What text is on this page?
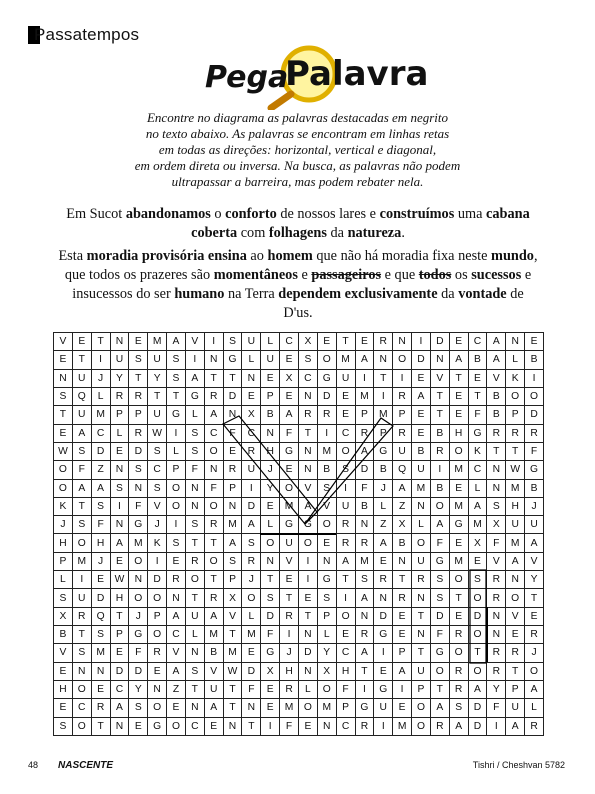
Passatempos
Pega
Palavra
Encontre no diagrama as palavras destacadas em negrito
no texto abaixo. As palavras se encontram em linhas retas
em todas as direções: horizontal, vertical e diagonal,
em ordem direta ou inversa. Na busca, as palavras não podem
ultrapassar a barreira, mas podem rebater nela.
Em Sucot abandonamos o conforto de nossos lares e construímos uma cabana coberta com folhagens da natureza.
Esta moradia provisória ensina ao homem que não há moradia fixa neste mundo, que todos os prazeres são momentâneos e passageiros e que todos os sucessos e insucessos do ser humano na Terra dependem exclusivamente da vontade de D'us.
V	E	T	N	E	M	A	V	I	S	U	L	C	X	E	T	E	R	N	I	D	E	C	A	N	E
E	T	I	U	S	U	S	I	N	G	L	U	E	S	O	M	A	N	O	D	N	A	B	A	L	B
N	U	J	Y	T	Y	S	A	T	T	N	E	X	C	G	U	I	T	I	E	V	T	E	V	K	I
S	Q	L	R	R	T	T	G	R	D	E	P	E	N	D	E	M	I	R	A	T	E	T	B	O	O
T	U	M	P	P	U	G	L	A	N	X	B	A	R	R	E	P	M	P	E	T	E	F	B	P	D
E	A	C	L	R	W	I	S	C	F	C	N	F	T	I	C	R	P	R	E	B	H	G	R	R	R
W	S	D	E	D	S	L	S	O	E	R	H	G	N	M	O	A	G	U	B	R	O	K	T	T	F
O	F	Z	N	S	C	P	F	N	R	U	J	E	N	B	S	D	B	Q	U	I	M	C	N	W	G
O	A	A	S	N	S	O	N	F	P	I	Y	O	V	S	I	F	J	A	M	B	E	L	N	M	B
K	T	S	I	F	V	O	N	O	N	D	E	M	A	V	U	B	L	Z	N	O	M	A	S	H	J
J	S	F	N	G	J	I	S	R	M	A	L	G	G	O	R	N	Z	X	L	A	G	M	X	U	U
H	O	H	A	M	K	S	T	T	A	S	O	U	O	E	R	R	A	B	O	F	E	X	F	M	A
P	M	J	E	O	I	E	R	O	S	R	N	V	I	N	A	M	E	N	U	G	M	E	V	A	V
L	I	E	W	N	D	R	O	T	P	J	T	E	I	G	T	S	R	T	R	S	O	S	R	N	Y
S	U	D	H	O	O	N	T	R	X	O	S	T	E	S	I	A	N	R	N	S	T	O	R	O	T
X	R	Q	T	J	P	A	U	A	V	L	D	R	T	P	O	N	D	E	T	D	E	D	N	V	E
B	T	S	P	G	O	C	L	M	T	M	F	I	N	L	E	R	G	E	N	F	R	O	N	E	R
V	S	M	E	F	R	V	N	B	M	E	G	J	D	Y	C	A	I	P	T	G	O	T	R	R	J
E	N	N	D	D	E	A	S	V	W	D	X	H	N	X	H	T	E	A	U	O	R	O	R	T	O
H	O	E	C	Y	N	Z	T	U	T	F	E	R	L	O	F	I	G	I	P	T	R	A	Y	P	A
E	C	R	A	S	O	E	N	A	T	N	E	M	O	M	P	G	U	E	O	A	S	D	F	U	L
S	O	T	N	E	G	O	C	E	N	T	I	F	E	N	C	R	I	M	O	R	A	D	I	A	R
48 NASCENTE	Tishri / Cheshvan 5782
